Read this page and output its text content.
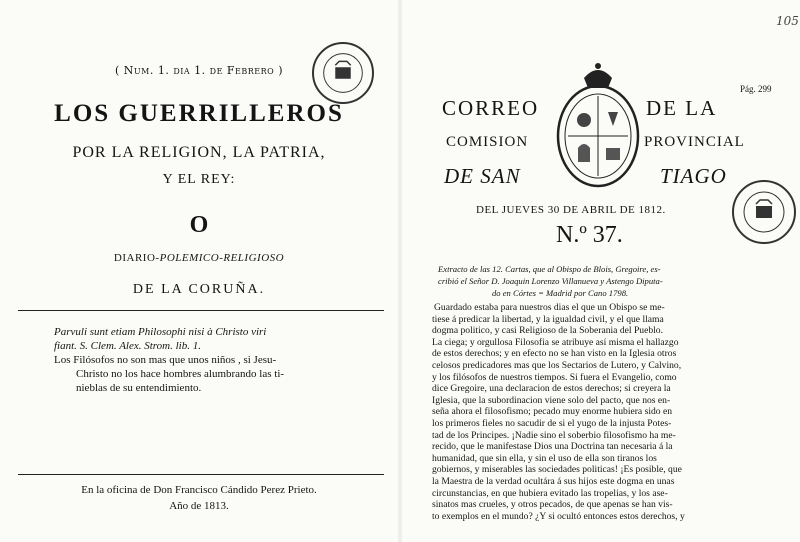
( Num. 1. dia 1. de Febrero )
LOS GUERRILLEROS
POR LA RELIGION, LA PATRIA,
Y EL REY:
O
DIARIO-POLEMICO-RELIGIOSO
DE LA CORUÑA.
Parvuli sunt etiam Philosophi nisi à Christo viri
fiant. S. Clem. Alex. Strom. lib. 1.
Los Filósofos no son mas que unos niños , si Jesu-
Christo no los hace hombres alumbrando las ti-
nieblas de su entendimiento.
En la oficina de Don Francisco Cándido Perez Prieto.
Año de 1813.
105
Pág. 299
CORREO	DE LA
COMISION	PROVINCIAL
DE SAN	TIAGO
DEL JUEVES 30 DE ABRIL DE 1812.
N.º 37.
Extracto de las 12. Cartas, que al Obispo de Blois, Gregoire, es-
cribió el Señor D. Joaquin Lorenzo Villanueva y Astengo Diputa-
do en Córtes = Madrid por Cano 1798.

Guardado estaba para nuestros dias el que un Obispo se me-

tiese á predicar la libertad, y la igualdad civil, y el que llama

dogma politico, y casi Religioso de la Soberania del Pueblo.

La ciega; y orgullosa Filosofia se atribuye así misma el hallazgo

de estos derechos; y en efecto no se han visto en la Iglesia otros

celosos predicadores mas que los Sectarios de Lutero, y Calvino,

y los filósofos de nuestros tiempos. Si fuera el Evangelio, como

dice Gregoire, una declaracion de estos derechos; si creyera la

Iglesia, que la subordinacion viene solo del pacto, que nos en-

seña ahora el filosofismo; pecado muy enorme hubiera sido en

los primeros fieles no sacudir de si el yugo de la injusta Potes-

tad de los Principes. ¡Nadie sino el soberbio filosofismo ha me-

recido, que le manifestase Dios una Doctrina tan necesaria á la

humanidad, que sin ella, y sin el uso de ella son tiranos los

gobiernos, y miserables las sociedades politicas! ¡Es posible, que

la Maestra de la verdad ocultára á sus hijos este dogma en unas

circunstancias, en que hubiera evitado las tropelias, y los ase-

sinatos mas crueles, y otros pecados, de que apenas se han vis-

to exemplos en el mundo? ¿Y si ocultó entonces estos derechos, y
